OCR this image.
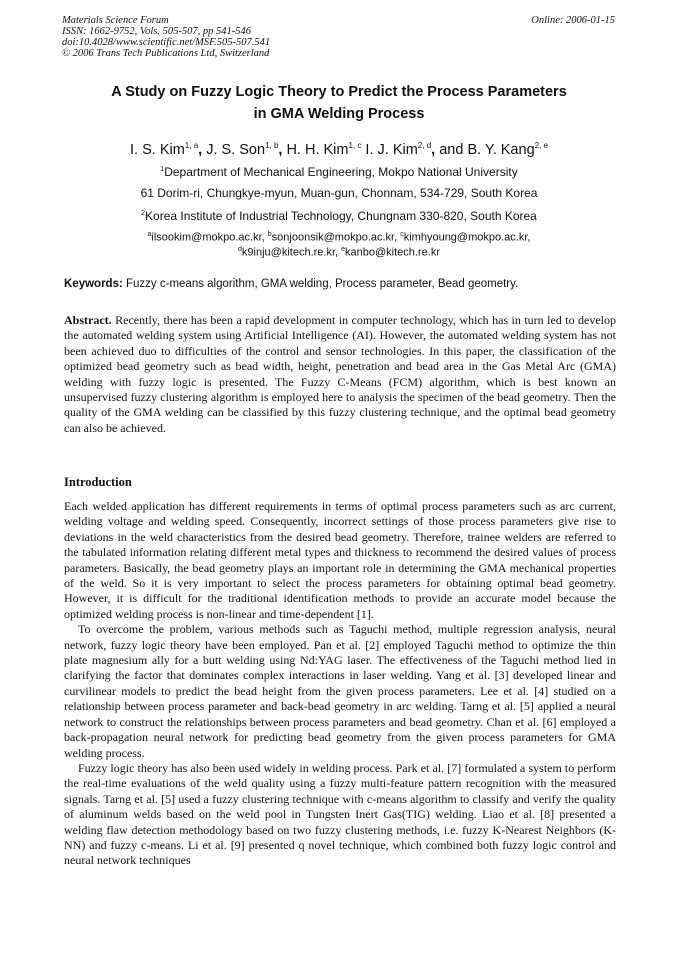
Materials Science Forum
ISSN: 1662-9752, Vols. 505-507, pp 541-546
doi:10.4028/www.scientific.net/MSF.505-507.541
© 2006 Trans Tech Publications Ltd, Switzerland
Online: 2006-01-15
A Study on Fuzzy Logic Theory to Predict the Process Parameters
in GMA Welding Process
I. S. Kim$^{1, a}$, J. S. Son$^{1, b}$, H. H. Kim$^{1, c}$ I. J. Kim$^{2, d}$, and B. Y. Kang$^{2, e}$
$^1$Department of Mechanical Engineering, Mokpo National University
61 Dorim-ri, Chungkye-myun, Muan-gun, Chonnam, 534-729, South Korea
$^2$Korea Institute of Industrial Technology, Chungnam 330-820, South Korea
$^a$ilsookim@mokpo.ac.kr, $^b$sonjoonsik@mokpo.ac.kr, $^c$kimhyoung@mokpo.ac.kr,
$^d$k9inju@kitech.re.kr, $^e$kanbo@kitech.re.kr
Keywords: Fuzzy c-means algorithm, GMA welding, Process parameter, Bead geometry.

Abstract. Recently, there has been a rapid development in computer technology, which has in turn led to develop the automated welding system using Artificial Intelligence (AI). However, the automated welding system has not been achieved duo to difficulties of the control and sensor technologies. In this paper, the classification of the optimized bead geometry such as bead width, height, penetration and bead area in the Gas Metal Arc (GMA) welding with fuzzy logic is presented. The Fuzzy C-Means (FCM) algorithm, which is best known an unsupervised fuzzy clustering algorithm is employed here to analysis the specimen of the bead geometry. Then the quality of the GMA welding can be classified by this fuzzy clustering technique, and the optimal bead geometry can also be achieved.

Introduction

Each welded application has different requirements in terms of optimal process parameters such as arc current, welding voltage and welding speed. Consequently, incorrect settings of those process parameters give rise to deviations in the weld characteristics from the desired bead geometry. Therefore, trainee welders are referred to the tabulated information relating different metal types and thickness to recommend the desired values of process parameters. Basically, the bead geometry plays an important role in determining the GMA mechanical properties of the weld. So it is very important to select the process parameters for obtaining optimal bead geometry. However, it is difficult for the traditional identification methods to provide an accurate model because the optimized welding process is non-linear and time-dependent [1].

To overcome the problem, various methods such as Taguchi method, multiple regression analysis, neural network, fuzzy logic theory have been employed. Pan et al. [2] employed Taguchi method to optimize the thin plate magnesium ally for a butt welding using Nd:YAG laser. The effectiveness of the Taguchi method lied in clarifying the factor that dominates complex interactions in laser welding. Yang et al. [3] developed linear and curvilinear models to predict the bead height from the given process parameters. Lee et al. [4] studied on a relationship between process parameter and back-bead geometry in arc welding. Tarng et al. [5] applied a neural network to construct the relationships between process parameters and bead geometry. Chan et al. [6] employed a back-propagation neural network for predicting bead geometry from the given process parameters for GMA welding process.

Fuzzy logic theory has also been used widely in welding process. Park et al. [7] formulated a system to perform the real-time evaluations of the weld quality using a fuzzy multi-feature pattern recognition with the measured signals. Tarng et al. [5] used a fuzzy clustering technique with c-means algorithm to classify and verify the quality of aluminum welds based on the weld pool in Tungsten Inert Gas(TIG) welding. Liao et al. [8] presented a welding flaw detection methodology based on two fuzzy clustering methods, i.e. fuzzy K-Nearest Neighbors (K-NN) and fuzzy c-means. Li et al. [9] presented q novel technique, which combined both fuzzy logic control and neural network techniques
